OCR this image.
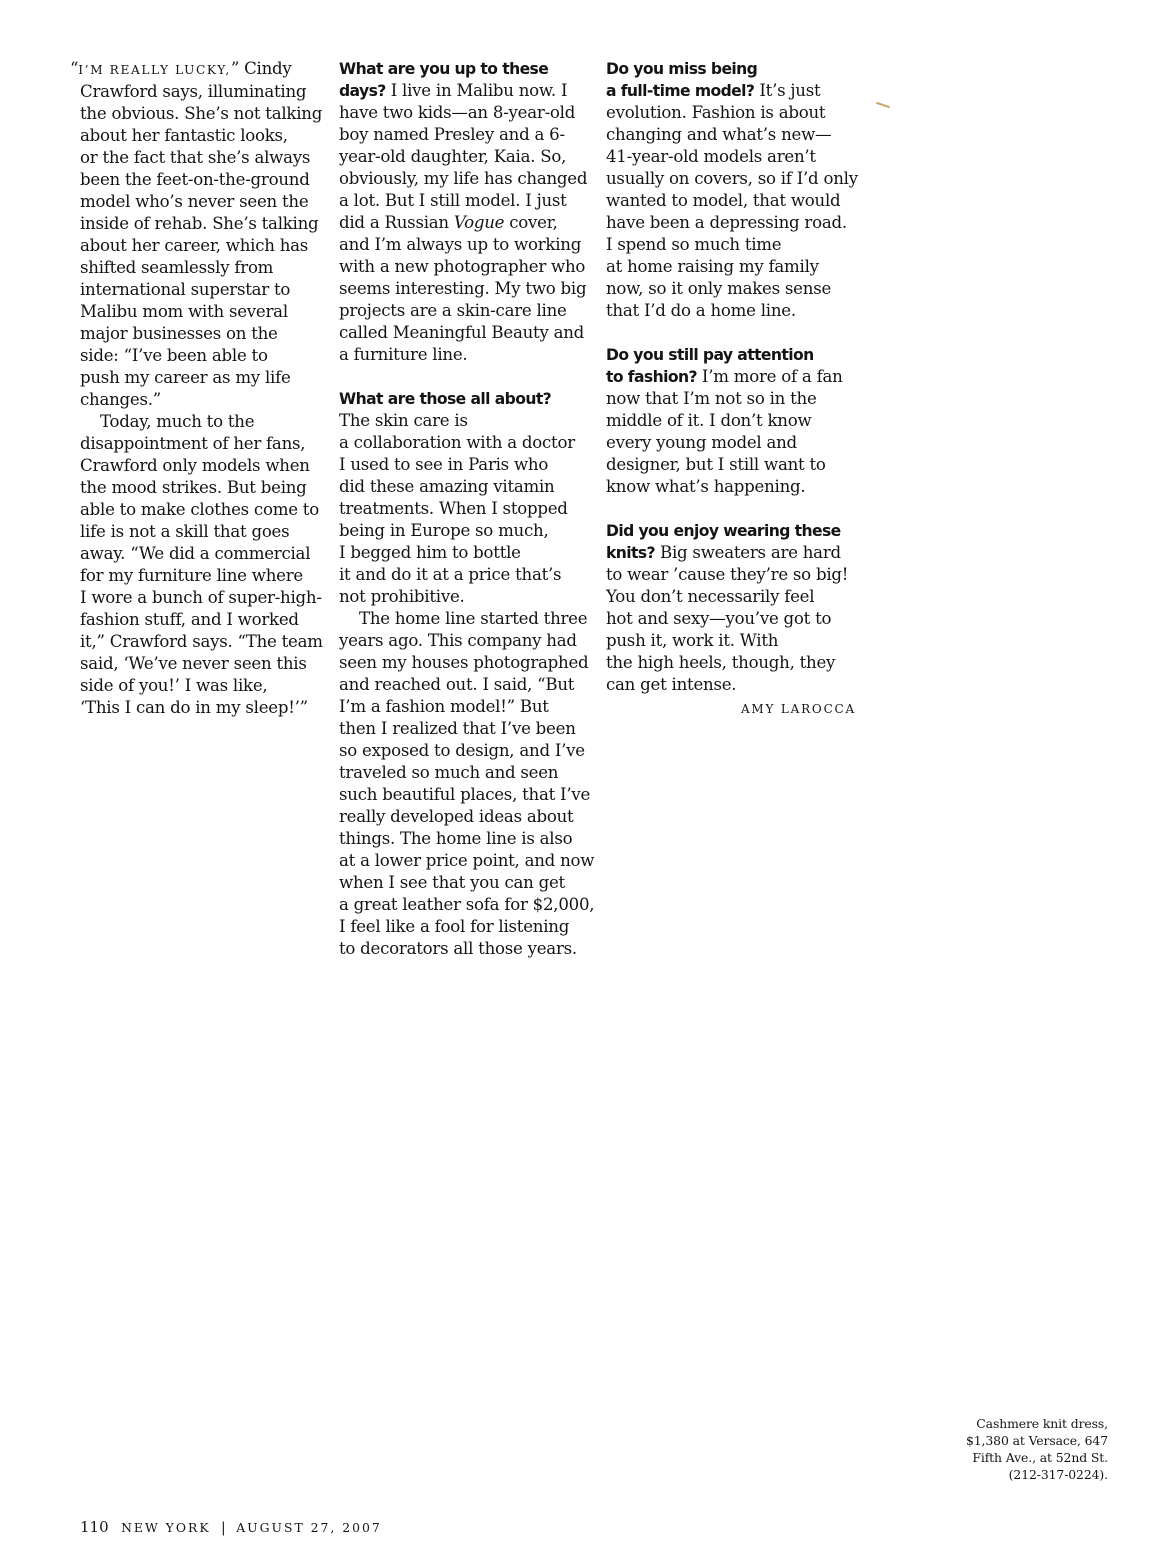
“I’M REALLY LUCKY,” Cindy
Crawford says, illuminating
the obvious. She’s not talking
about her fantastic looks,
or the fact that she’s always
been the feet-on-the-ground
model who’s never seen the
inside of rehab. She’s talking
about her career, which has
shifted seamlessly from
international superstar to
Malibu mom with several
major businesses on the
side: “I’ve been able to
push my career as my life
changes.”
Today, much to the
disappointment of her fans,
Crawford only models when
the mood strikes. But being
able to make clothes come to
life is not a skill that goes
away. “We did a commercial
for my furniture line where
I wore a bunch of super-high-
fashion stuff, and I worked
it,” Crawford says. “The team
said, ‘We’ve never seen this
side of you!’ I was like,
‘This I can do in my sleep!’”
What are you up to these
days? I live in Malibu now. I
have two kids—an 8-year-old
boy named Presley and a 6-
year-old daughter, Kaia. So,
obviously, my life has changed
a lot. But I still model. I just
did a Russian Vogue cover,
and I’m always up to working
with a new photographer who
seems interesting. My two big
projects are a skin-care line
called Meaningful Beauty and
a furniture line.
What are those all about?
The skin care is
a collaboration with a doctor
I used to see in Paris who
did these amazing vitamin
treatments. When I stopped
being in Europe so much,
I begged him to bottle
it and do it at a price that’s
not prohibitive.
The home line started three
years ago. This company had
seen my houses photographed
and reached out. I said, “But
I’m a fashion model!” But
then I realized that I’ve been
so exposed to design, and I’ve
traveled so much and seen
such beautiful places, that I’ve
really developed ideas about
things. The home line is also
at a lower price point, and now
when I see that you can get
a great leather sofa for $2,000,
I feel like a fool for listening
to decorators all those years.
Do you miss being
a full-time model? It’s just
evolution. Fashion is about
changing and what’s new—
41-year-old models aren’t
usually on covers, so if I’d only
wanted to model, that would
have been a depressing road.
I spend so much time
at home raising my family
now, so it only makes sense
that I’d do a home line.
Do you still pay attention
to fashion? I’m more of a fan
now that I’m not so in the
middle of it. I don’t know
every young model and
designer, but I still want to
know what’s happening.
Did you enjoy wearing these
knits? Big sweaters are hard
to wear ’cause they’re so big!
You don’t necessarily feel
hot and sexy—you’ve got to
push it, work it. With
the high heels, though, they
can get intense.
AMY LAROCCA
Cashmere knit dress,
$1,380 at Versace, 647
Fifth Ave., at 52nd St.
(212-317-0224).
110 NEW YORK | AUGUST 27, 2007
